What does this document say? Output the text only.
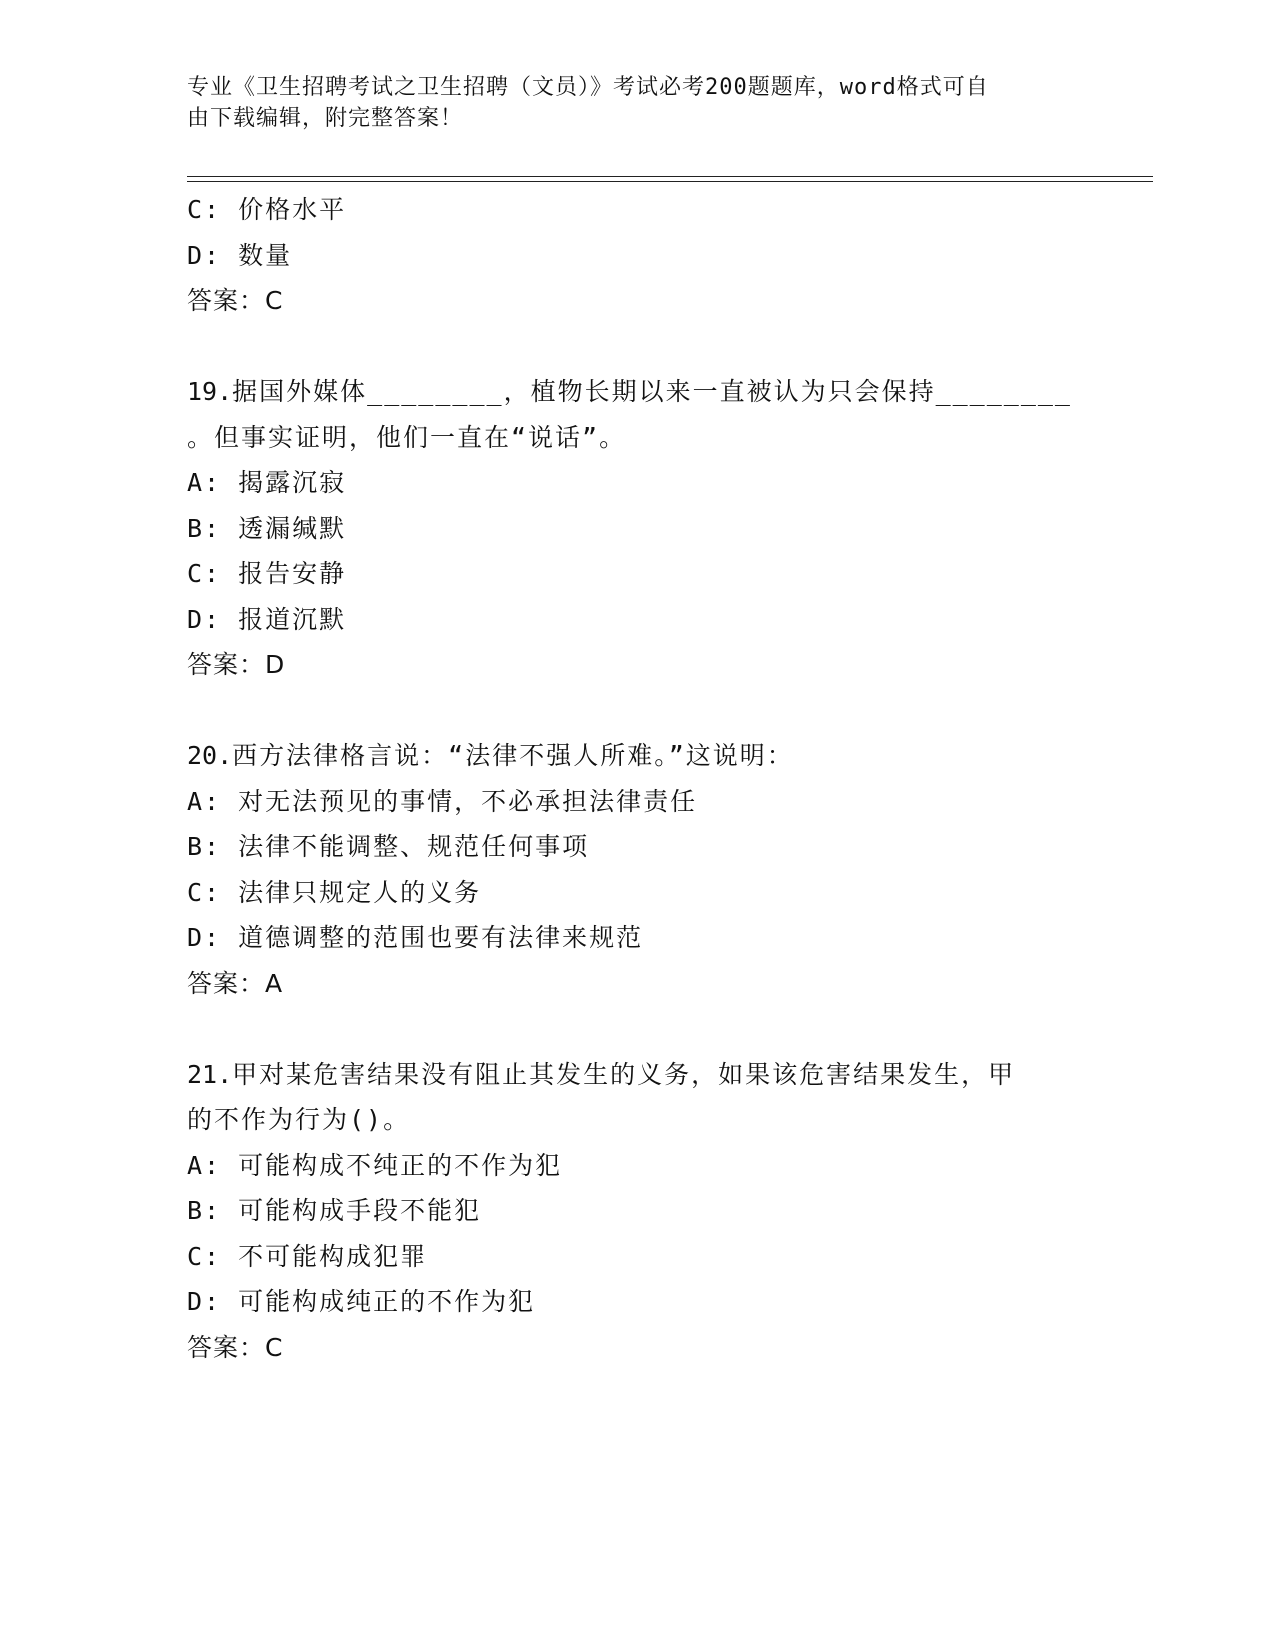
专业《卫生招聘考试之卫生招聘（文员）》考试必考200题题库，word格式可自
由下载编辑，附完整答案！
C: 价格水平
D: 数量
答案：C
19.据国外媒体________，植物长期以来一直被认为只会保持________
。但事实证明，他们一直在“说话”。
A: 揭露沉寂
B: 透漏缄默
C: 报告安静
D: 报道沉默
答案：D
20.西方法律格言说：“法律不强人所难。”这说明：
A: 对无法预见的事情，不必承担法律责任
B: 法律不能调整、规范任何事项
C: 法律只规定人的义务
D: 道德调整的范围也要有法律来规范
答案：A
21.甲对某危害结果没有阻止其发生的义务，如果该危害结果发生，甲
的不作为行为()。
A: 可能构成不纯正的不作为犯
B: 可能构成手段不能犯
C: 不可能构成犯罪
D: 可能构成纯正的不作为犯
答案：C
